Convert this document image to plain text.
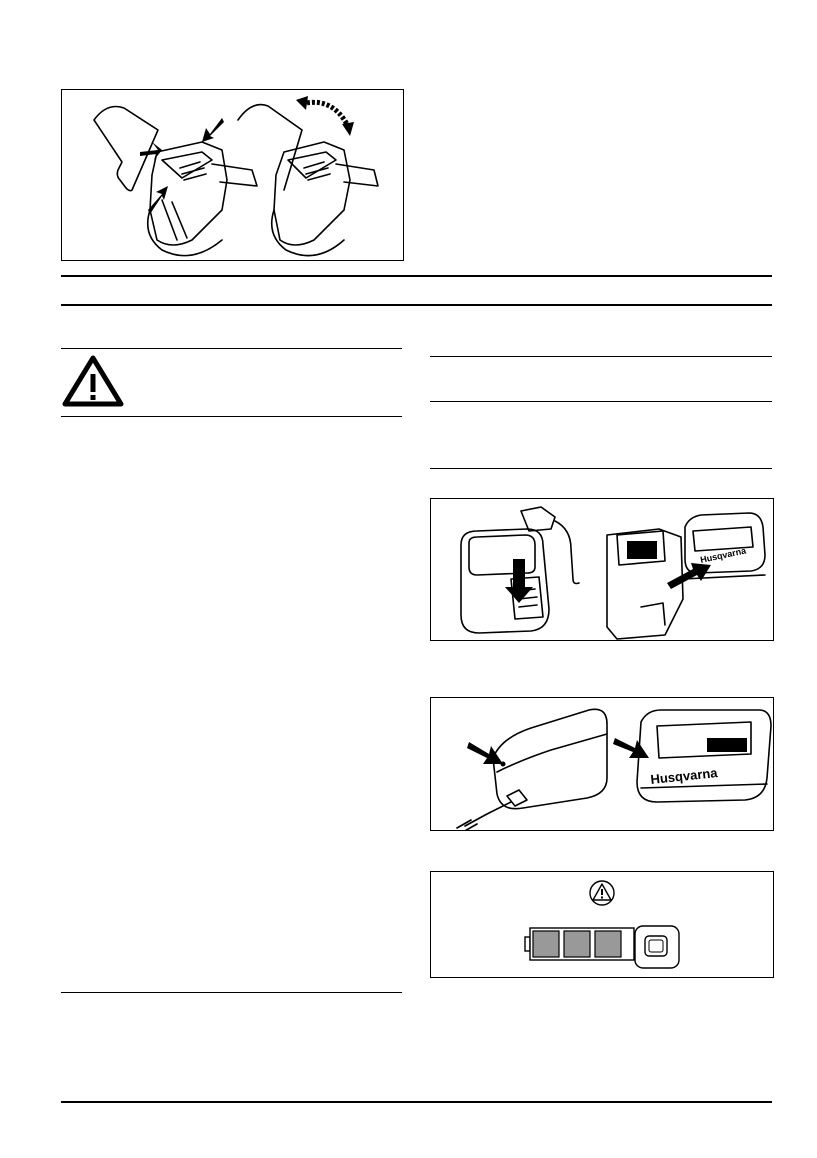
Husqvarna
Husqvarna
